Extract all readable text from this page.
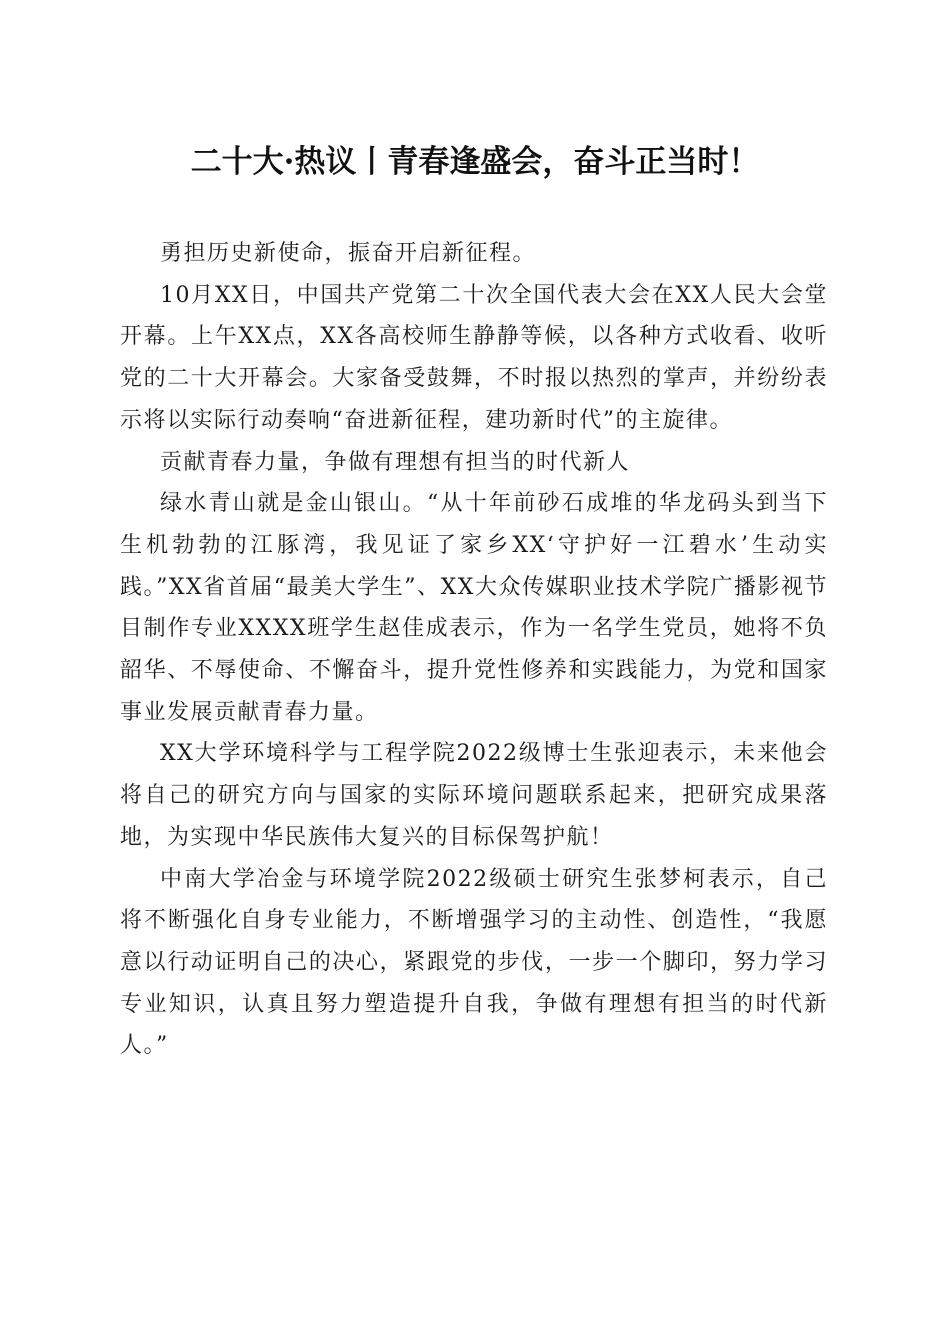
二十大·热议丨青春逢盛会，奋斗正当时！

勇担历史新使命，振奋开启新征程。

10月XX日，中国共产党第二十次全国代表大会在XX人民大会堂开幕。上午XX点，XX各高校师生静静等候，以各种方式收看、收听党的二十大开幕会。大家备受鼓舞，不时报以热烈的掌声，并纷纷表示将以实际行动奏响“奋进新征程，建功新时代”的主旋律。

贡献青春力量，争做有理想有担当的时代新人

绿水青山就是金山银山。“从十年前砂石成堆的华龙码头到当下生机勃勃的江豚湾，我见证了家乡XX‘守护好一江碧水’生动实践。”XX省首届“最美大学生”、XX大众传媒职业技术学院广播影视节目制作专业XXXX班学生赵佳成表示，作为一名学生党员，她将不负韶华、不辱使命、不懈奋斗，提升党性修养和实践能力，为党和国家事业发展贡献青春力量。

XX大学环境科学与工程学院2022级博士生张迎表示，未来他会将自己的研究方向与国家的实际环境问题联系起来，把研究成果落地，为实现中华民族伟大复兴的目标保驾护航！

中南大学冶金与环境学院2022级硕士研究生张梦柯表示，自己将不断强化自身专业能力，不断增强学习的主动性、创造性，“我愿意以行动证明自己的决心，紧跟党的步伐，一步一个脚印，努力学习专业知识，认真且努力塑造提升自我，争做有理想有担当的时代新人。”
